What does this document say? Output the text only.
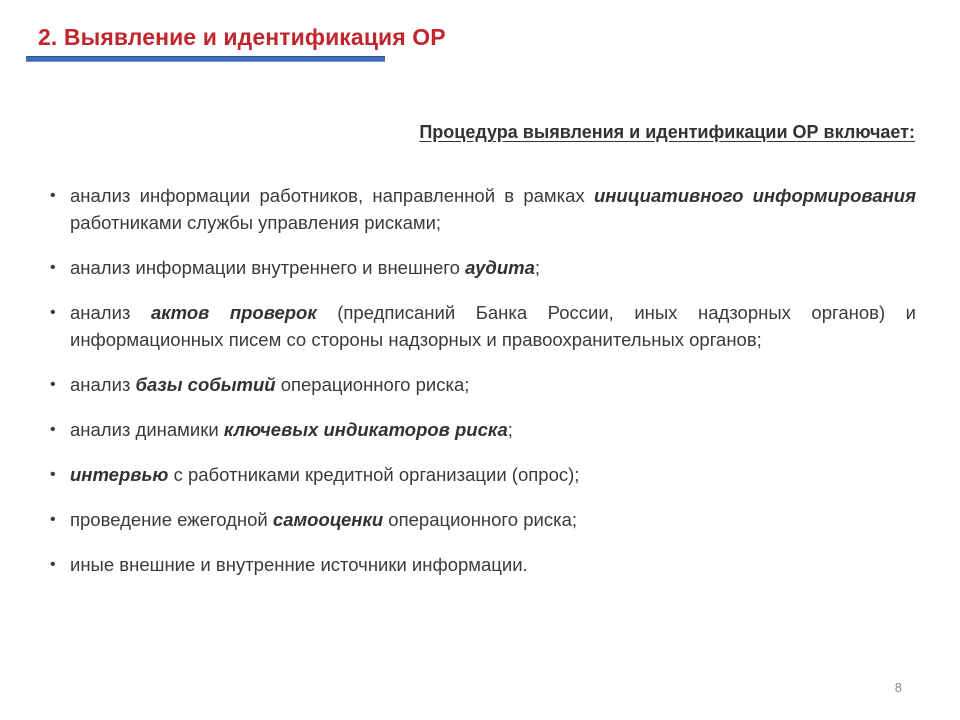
2. Выявление и идентификация ОР
Процедура выявления и идентификации ОР включает:
• анализ информации работников, направленной в рамках инициативного информирования работниками службы управления рисками;
• анализ информации внутреннего и внешнего аудита;
• анализ актов проверок (предписаний Банка России, иных надзорных органов) и информационных писем со стороны надзорных и правоохранительных органов;
• анализ базы событий операционного риска;
• анализ динамики ключевых индикаторов риска;
• интервью с работниками кредитной организации (опрос);
• проведение ежегодной самооценки операционного риска;
• иные внешние и внутренние источники информации.
8
